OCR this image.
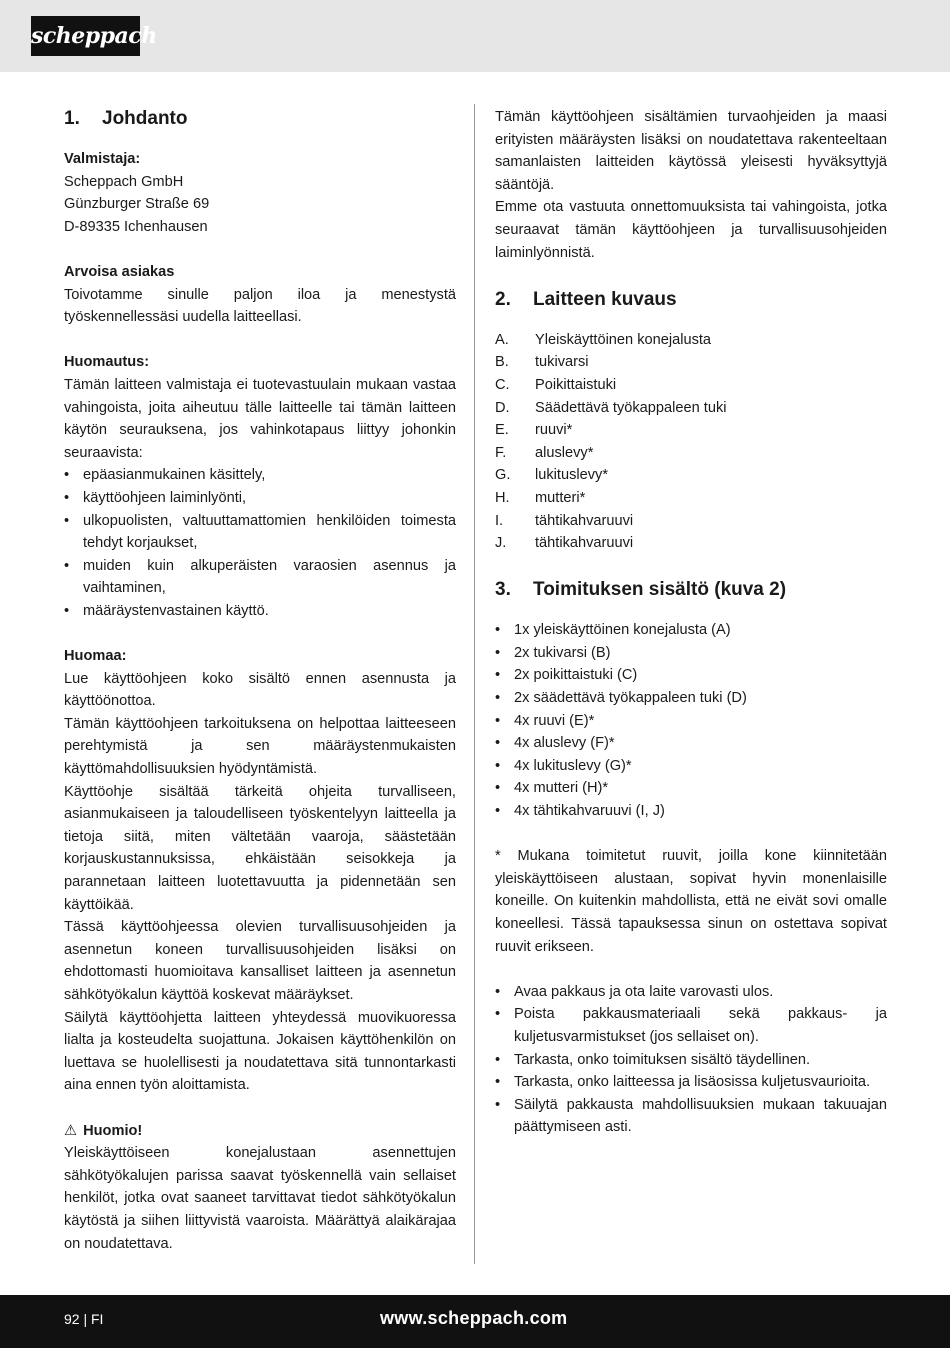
scheppach
1.	Johdanto
Valmistaja:
Scheppach GmbH
Günzburger Straße 69
D-89335 Ichenhausen
Arvoisa asiakas
Toivotamme sinulle paljon iloa ja menestystä työskennellessäsi uudella laitteellasi.
Huomautus:
Tämän laitteen valmistaja ei tuotevastuulain mukaan vastaa vahingoista, joita aiheutuu tälle laitteelle tai tämän laitteen käytön seurauksena, jos vahinkotapaus liittyy johonkin seuraavista:
• epäasianmukainen käsittely,
• käyttöohjeen laiminlyönti,
• ulkopuolisten, valtuuttamattomien henkilöiden toimesta tehdyt korjaukset,
• muiden kuin alkuperäisten varaosien asennus ja vaihtaminen,
• määräystenvastainen käyttö.
Huomaa:
Lue käyttöohjeen koko sisältö ennen asennusta ja käyttöönottoa.
Tämän käyttöohjeen tarkoituksena on helpottaa laitteeseen perehtymistä ja sen määräystenmukaisten käyttömahdollisuuksien hyödyntämistä.
Käyttöohje sisältää tärkeitä ohjeita turvalliseen, asianmukaiseen ja taloudelliseen työskentelyyn laitteella ja tietoja siitä, miten vältetään vaaroja, säästetään korjauskustannuksissa, ehkäistään seisokkeja ja parannetaan laitteen luotettavuutta ja pidennetään sen käyttöikää.
Tässä käyttöohjeessa olevien turvallisuusohjeiden ja asennetun koneen turvallisuusohjeiden lisäksi on ehdottomasti huomioitava kansalliset laitteen ja asennetun sähkötyökalun käyttöä koskevat määräykset.
Säilytä käyttöohjetta laitteen yhteydessä muovikuoressa lialta ja kosteudelta suojattuna. Jokaisen käyttöhenkilön on luettava se huolellisesti ja noudatettava sitä tunnontarkasti aina ennen työn aloittamista.
⚠ Huomio!
Yleiskäyttöiseen konejalustaan asennettujen sähkötyökalujen parissa saavat työskennellä vain sellaiset henkilöt, jotka ovat saaneet tarvittavat tiedot sähkötyökalun käytöstä ja siihen liittyvistä vaaroista. Määrättyä alaikärajaa on noudatettava.
Tämän käyttöohjeen sisältämien turvaohjeiden ja maasi erityisten määräysten lisäksi on noudatettava rakenteeltaan samanlaisten laitteiden käytössä yleisesti hyväksyttyjä sääntöjä.
Emme ota vastuuta onnettomuuksista tai vahingoista, jotka seuraavat tämän käyttöohjeen ja turvallisuusohjeiden laiminlyönnistä.
2.	Laitteen kuvaus
A.	Yleiskäyttöinen konejalusta
B.	tukivarsi
C.	Poikittaistuki
D.	Säädettävä työkappaleen tuki
E.	ruuvi*
F.	aluslevy*
G.	lukituslevy*
H.	mutteri*
I.	tähtikahvaruuvi
J.	tähtikahvaruuvi
3.	Toimituksen sisältö (kuva 2)
• 1x yleiskäyttöinen konejalusta (A)
• 2x tukivarsi (B)
• 2x poikittaistuki (C)
• 2x säädettävä työkappaleen tuki (D)
• 4x ruuvi (E)*
• 4x aluslevy (F)*
• 4x lukituslevy (G)*
• 4x mutteri (H)*
• 4x tähtikahvaruuvi (I, J)
* Mukana toimitetut ruuvit, joilla kone kiinnitetään yleiskäyttöiseen alustaan, sopivat hyvin monenlaisille koneille. On kuitenkin mahdollista, että ne eivät sovi omalle koneellesi. Tässä tapauksessa sinun on ostettava sopivat ruuvit erikseen.
• Avaa pakkaus ja ota laite varovasti ulos.
• Poista pakkausmateriaali sekä pakkaus- ja kuljetusvarmistukset (jos sellaiset on).
• Tarkasta, onko toimituksen sisältö täydellinen.
• Tarkasta, onko laitteessa ja lisäosissa kuljetusvaurioita.
• Säilytä pakkausta mahdollisuuksien mukaan takuuajan päättymiseen asti.
92 | FI	www.scheppach.com
